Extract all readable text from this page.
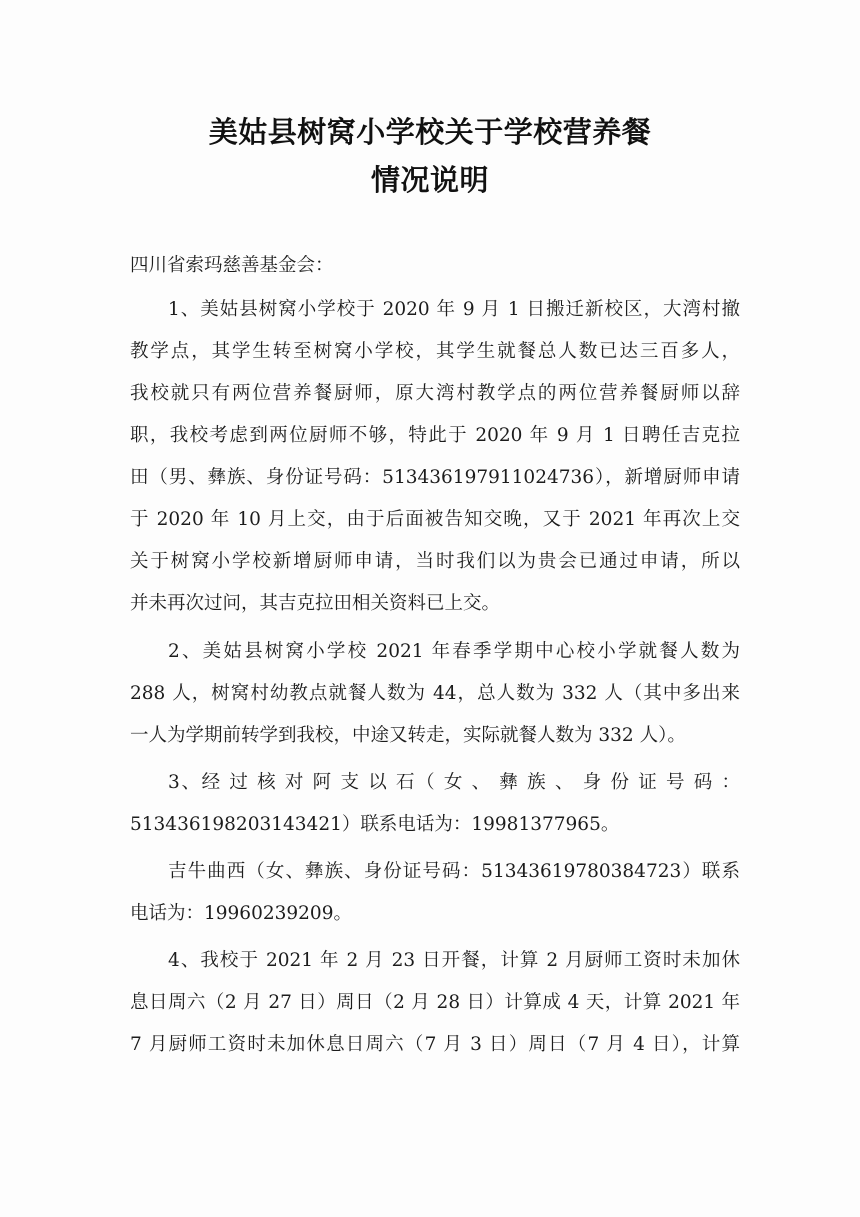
美姑县树窝小学校关于学校营养餐
情况说明
四川省索玛慈善基金会：
1、美姑县树窝小学校于 2020 年 9 月 1 日搬迁新校区，大湾村撤
教学点，其学生转至树窝小学校，其学生就餐总人数已达三百多人，
我校就只有两位营养餐厨师，原大湾村教学点的两位营养餐厨师以辞
职，我校考虑到两位厨师不够，特此于 2020 年 9 月 1 日聘任吉克拉
田（男、彝族、身份证号码：513436197911024736），新增厨师申请
于 2020 年 10 月上交，由于后面被告知交晚，又于 2021 年再次上交
关于树窝小学校新增厨师申请，当时我们以为贵会已通过申请，所以
并未再次过问，其吉克拉田相关资料已上交。
2、美姑县树窝小学校 2021 年春季学期中心校小学就餐人数为
288 人，树窝村幼教点就餐人数为 44，总人数为 332 人（其中多出来
一人为学期前转学到我校，中途又转走，实际就餐人数为 332 人）。
3、经 过 核 对 阿 支 以 石（ 女 、 彝 族 、 身 份 证 号 码 ：
513436198203143421）联系电话为：19981377965。
吉牛曲西（女、彝族、身份证号码：51343619780384723）联系
电话为：19960239209。
4、我校于 2021 年 2 月 23 日开餐，计算 2 月厨师工资时未加休
息日周六（2 月 27 日）周日（2 月 28 日）计算成 4 天，计算 2021 年
7 月厨师工资时未加休息日周六（7 月 3 日）周日（7 月 4 日），计算
